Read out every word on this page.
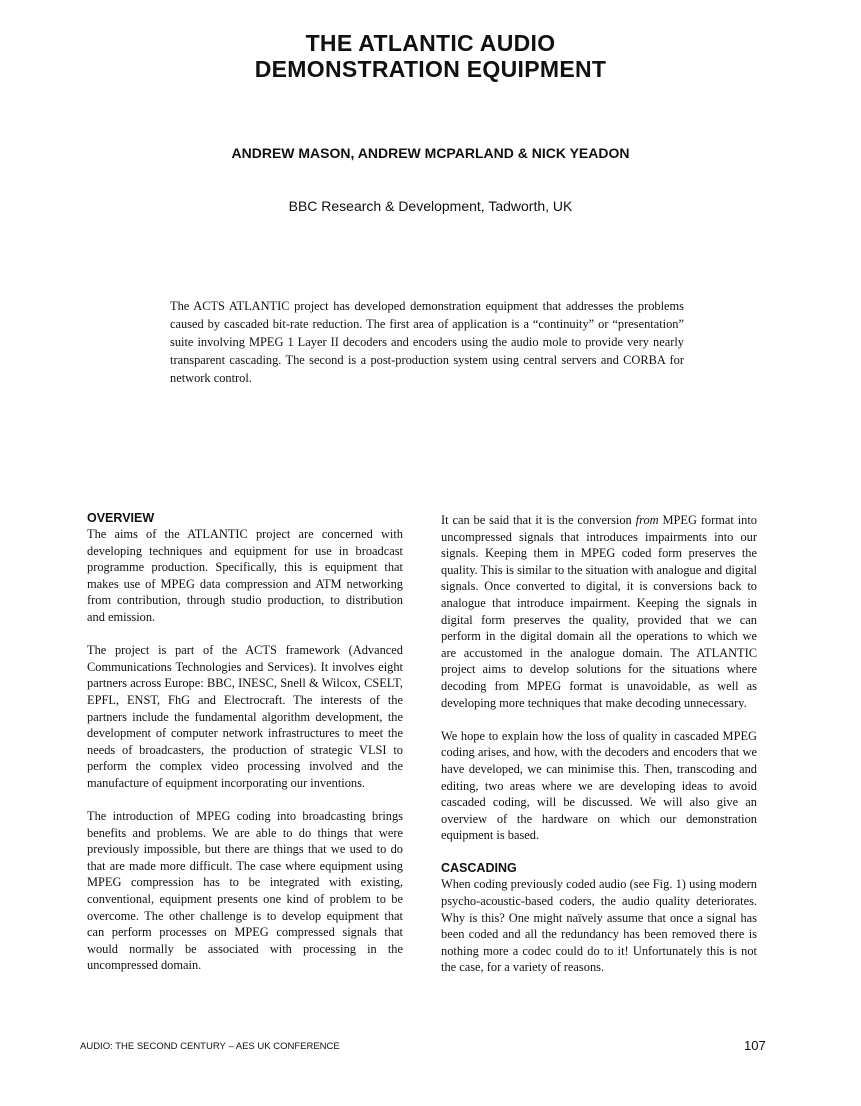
THE ATLANTIC AUDIO
DEMONSTRATION EQUIPMENT
ANDREW MASON, ANDREW MCPARLAND & NICK YEADON
BBC Research & Development, Tadworth, UK

The ACTS ATLANTIC project has developed demonstration equipment that addresses the problems caused by cascaded bit-rate reduction. The first area of application is a “continuity” or “presentation” suite involving MPEG 1 Layer II decoders and encoders using the audio mole to provide very nearly transparent cascading. The second is a post-production system using central servers and CORBA for network control.

OVERVIEW

The aims of the ATLANTIC project are concerned with developing techniques and equipment for use in broadcast programme production. Specifically, this is equipment that makes use of MPEG data compression and ATM networking from contribution, through studio production, to distribution and emission.

The project is part of the ACTS framework (Advanced Communications Technologies and Services). It involves eight partners across Europe: BBC, INESC, Snell & Wilcox, CSELT, EPFL, ENST, FhG and Electrocraft. The interests of the partners include the fundamental algorithm development, the development of computer network infrastructures to meet the needs of broadcasters, the production of strategic VLSI to perform the complex video processing involved and the manufacture of equipment incorporating our inventions.

The introduction of MPEG coding into broadcasting brings benefits and problems. We are able to do things that were previously impossible, but there are things that we used to do that are made more difficult. The case where equipment using MPEG compression has to be integrated with existing, conventional, equipment presents one kind of problem to be overcome. The other challenge is to develop equipment that can perform processes on MPEG compressed signals that would normally be associated with processing in the uncompressed domain.

It can be said that it is the conversion from MPEG format into uncompressed signals that introduces impairments into our signals. Keeping them in MPEG coded form preserves the quality. This is similar to the situation with analogue and digital signals. Once converted to digital, it is conversions back to analogue that introduce impairment. Keeping the signals in digital form preserves the quality, provided that we can perform in the digital domain all the operations to which we are accustomed in the analogue domain. The ATLANTIC project aims to develop solutions for the situations where decoding from MPEG format is unavoidable, as well as developing more techniques that make decoding unnecessary.

We hope to explain how the loss of quality in cascaded MPEG coding arises, and how, with the decoders and encoders that we have developed, we can minimise this. Then, transcoding and editing, two areas where we are developing ideas to avoid cascaded coding, will be discussed. We will also give an overview of the hardware on which our demonstration equipment is based.

CASCADING

When coding previously coded audio (see Fig. 1) using modern psycho-acoustic-based coders, the audio quality deteriorates. Why is this? One might naïvely assume that once a signal has been coded and all the redundancy has been removed there is nothing more a codec could do to it! Unfortunately this is not the case, for a variety of reasons.

AUDIO: THE SECOND CENTURY – AES UK CONFERENCE	107
